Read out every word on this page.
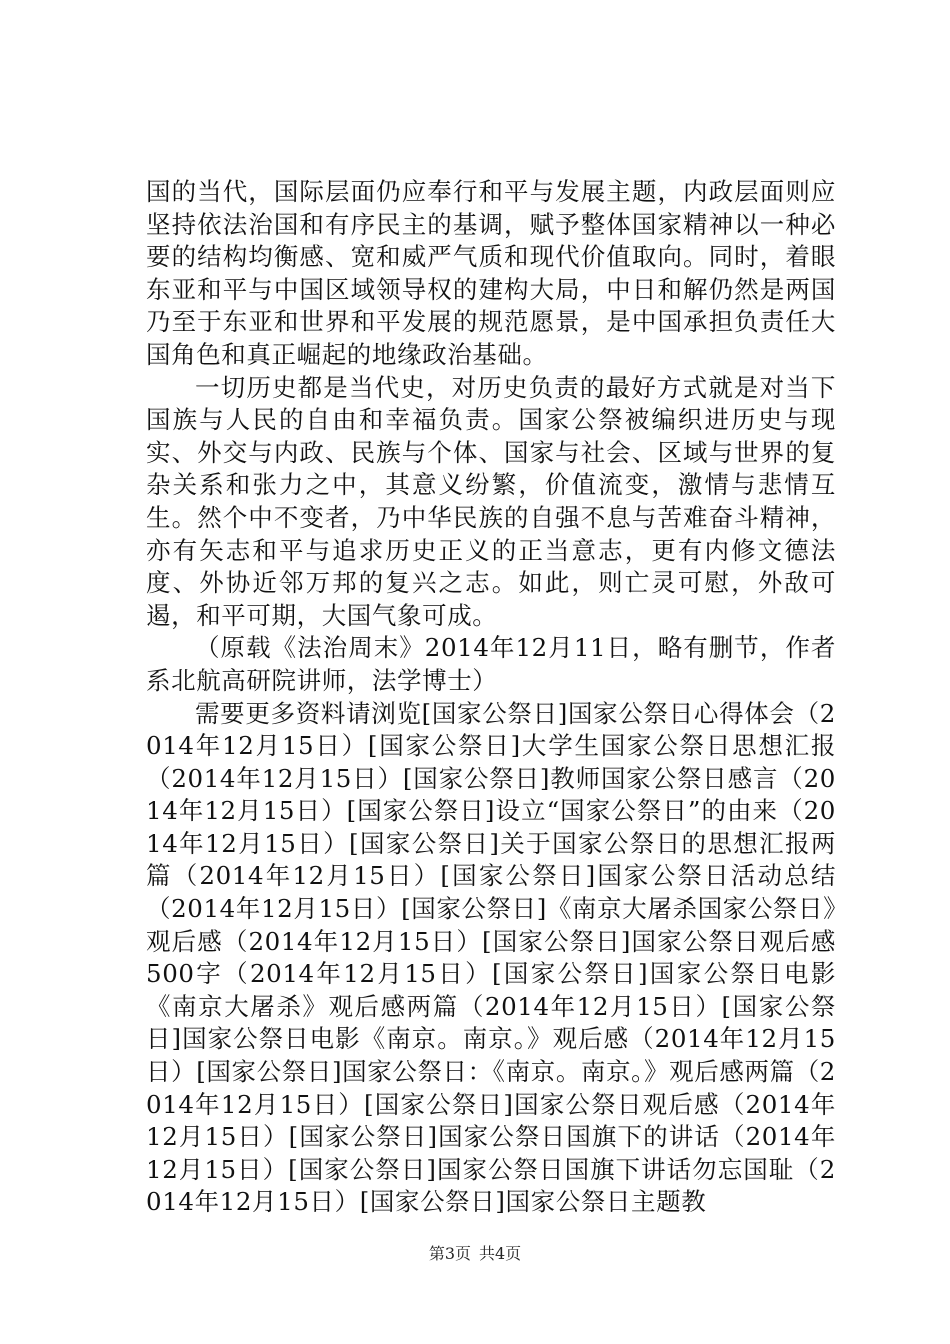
国的当代，国际层面仍应奉行和平与发展主题，内政层面则应坚持依法治国和有序民主的基调，赋予整体国家精神以一种必要的结构均衡感、宽和威严气质和现代价值取向。同时，着眼东亚和平与中国区域领导权的建构大局，中日和解仍然是两国乃至于东亚和世界和平发展的规范愿景，是中国承担负责任大国角色和真正崛起的地缘政治基础。

一切历史都是当代史，对历史负责的最好方式就是对当下国族与人民的自由和幸福负责。国家公祭被编织进历史与现实、外交与内政、民族与个体、国家与社会、区域与世界的复杂关系和张力之中，其意义纷繁，价值流变，激情与悲情互生。然个中不变者，乃中华民族的自强不息与苦难奋斗精神，亦有矢志和平与追求历史正义的正当意志，更有内修文德法度、外协近邻万邦的复兴之志。如此，则亡灵可慰，外敌可遏，和平可期，大国气象可成。

（原载《法治周末》2014年12月11日，略有删节，作者系北航高研院讲师，法学博士）

需要更多资料请浏览[国家公祭日]国家公祭日心得体会（2014年12月15日）[国家公祭日]大学生国家公祭日思想汇报（2014年12月15日）[国家公祭日]教师国家公祭日感言（2014年12月15日）[国家公祭日]设立“国家公祭日”的由来（2014年12月15日）[国家公祭日]关于国家公祭日的思想汇报两篇（2014年12月15日）[国家公祭日]国家公祭日活动总结（2014年12月15日）[国家公祭日]《南京大屠杀国家公祭日》观后感（2014年12月15日）[国家公祭日]国家公祭日观后感500字（2014年12月15日）[国家公祭日]国家公祭日电影《南京大屠杀》观后感两篇（2014年12月15日）[国家公祭日]国家公祭日电影《南京。南京。》观后感（2014年12月15日）[国家公祭日]国家公祭日：《南京。南京。》观后感两篇（2014年12月15日）[国家公祭日]国家公祭日观后感（2014年12月15日）[国家公祭日]国家公祭日国旗下的讲话（2014年12月15日）[国家公祭日]国家公祭日国旗下讲话勿忘国耻（2014年12月15日）[国家公祭日]国家公祭日主题教

第3页 共4页
